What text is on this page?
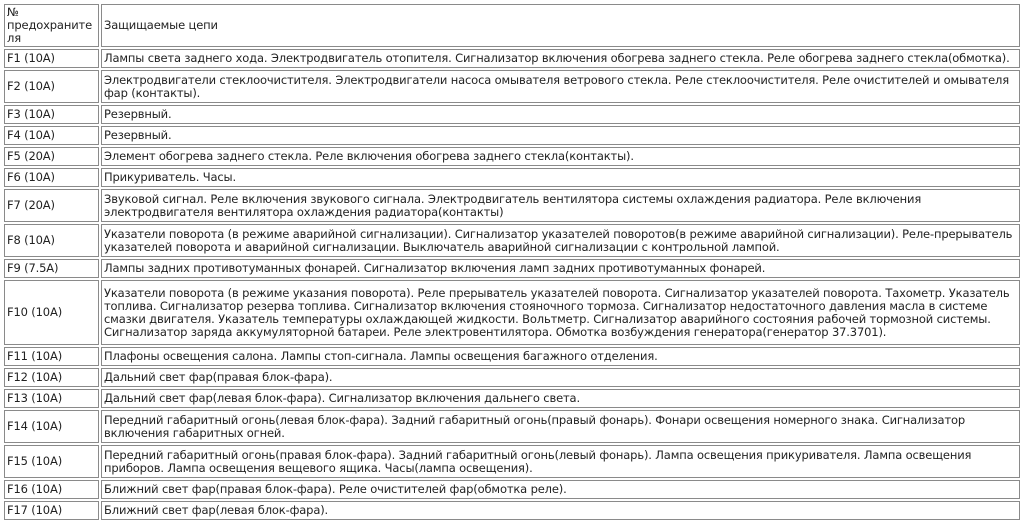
№ предохранителя	Защищаемые цепи
F1 (10A)	Лампы света заднего хода. Электродвигатель отопителя. Сигнализатор включения обогрева заднего стекла. Реле обогрева заднего стекла(обмотка).
F2 (10A)	Электродвигатели стеклоочистителя. Электродвигатели насоса омывателя ветрового стекла. Реле стеклоочистителя. Реле очистителей и омывателя фар (контакты).
F3 (10A)	Резервный.
F4 (10A)	Резервный.
F5 (20A)	Элемент обогрева заднего стекла. Реле включения обогрева заднего стекла(контакты).
F6 (10A)	Прикуриватель. Часы.
F7 (20A)	Звуковой сигнал. Реле включения звукового сигнала. Электродвигатель вентилятора системы охлаждения радиатора. Реле включения электродвигателя вентилятора охлаждения радиатора(контакты)
F8 (10A)	Указатели поворота (в режиме аварийной сигнализации). Сигнализатор указателей поворотов(в режиме аварийной сигнализации). Реле-прерыватель указателей поворота и аварийной сигнализации. Выключатель аварийной сигнализации с контрольной лампой.
F9 (7.5A)	Лампы задних противотуманных фонарей. Сигнализатор включения ламп задних противотуманных фонарей.
F10 (10A)	Указатели поворота (в режиме указания поворота). Реле прерыватель указателей поворота. Сигнализатор указателей поворота. Тахометр. Указатель топлива. Сигнализатор резерва топлива. Сигнализатор включения стояночного тормоза. Сигнализатор недостаточного давления масла в системе смазки двигателя. Указатель температуры охлаждающей жидкости. Вольтметр. Сигнализатор аварийного состояния рабочей тормозной системы. Сигнализатор заряда аккумуляторной батареи. Реле электровентилятора. Обмотка возбуждения генератора(генератор 37.3701).
F11 (10A)	Плафоны освещения салона. Лампы стоп-сигнала. Лампы освещения багажного отделения.
F12 (10A)	Дальний свет фар(правая блок-фара).
F13 (10A)	Дальний свет фар(левая блок-фара). Сигнализатор включения дальнего света.
F14 (10A)	Передний габаритный огонь(левая блок-фара). Задний габаритный огонь(правый фонарь). Фонари освещения номерного знака. Сигнализатор включения габаритных огней.
F15 (10A)	Передний габаритный огонь(правая блок-фара). Задний габаритный огонь(левый фонарь). Лампа освещения прикуривателя. Лампа освещения приборов. Лампа освещения вещевого ящика. Часы(лампа освещения).
F16 (10A)	Ближний свет фар(правая блок-фара). Реле очистителей фар(обмотка реле).
F17 (10A)	Ближний свет фар(левая блок-фара).
